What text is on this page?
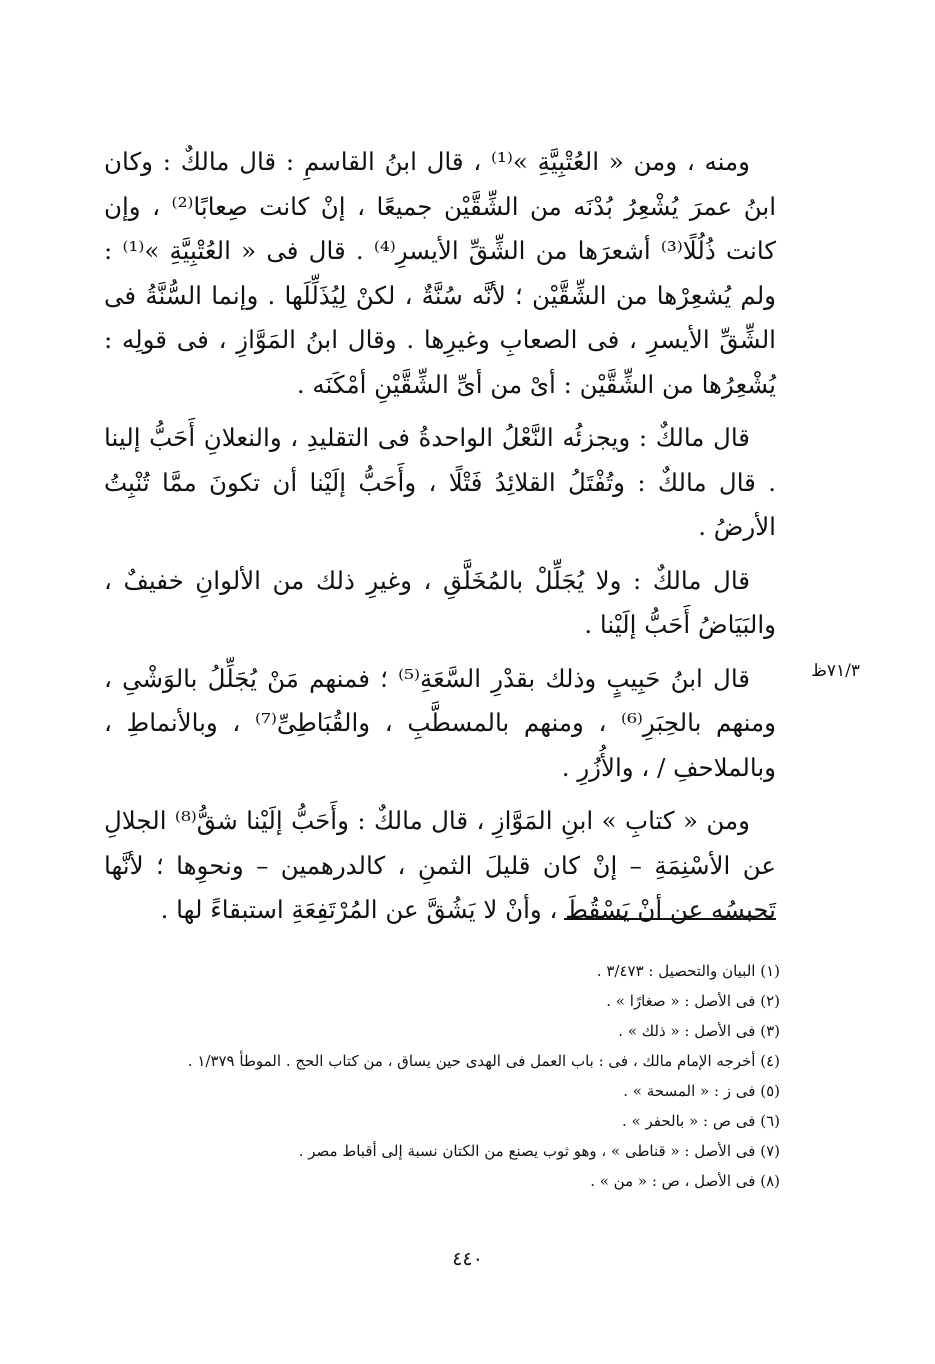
ومنه ، ومن « العُتْبِيَّةِ »⁽¹⁾ ، قال ابنُ القاسمِ : قال مالكٌ : وكان ابنُ عمرَ يُشْعِرُ بُدْنَه من الشِّقَّيْن جميعًا ، إنْ كانت صِعابًا⁽²⁾ ، وإن كانت ذُلُلًا⁽³⁾ أشعرَها من الشِّقِّ الأيسرِ⁽⁴⁾ . قال فى « العُتْبِيَّةِ »⁽¹⁾ : ولم يُشعِرْها من الشِّقَّيْن ؛ لأنَّه سُنَّةٌ ، لكنْ لِيُذَلِّلَها . وإنما السُّنَّةُ فى الشِّقِّ الأيسرِ ، فى الصعابِ وغيرِها . وقال ابنُ المَوَّازِ ، فى قولِه : يُشْعِرُها من الشِّقَّيْن : أىْ من أىِّ الشِّقَّيْنِ أمْكَنَه .

قال مالكٌ : ويجزئُه النَّعْلُ الواحدةُ فى التقليدِ ، والنعلانِ أَحَبُّ إلينا . قال مالكٌ : وتُفْتَلُ القلائِدُ فَتْلًا ، وأَحَبُّ إلَيْنا أن تكونَ ممَّا تُنْبِتُ الأرضُ .

قال مالكٌ : ولا يُجَلِّلْ بالمُخَلَّقِ ، وغيرِ ذلك من الألوانِ خفيفٌ ، والبَيَاضُ أَحَبُّ إلَيْنا .

قال ابنُ حَبِيبٍ وذلك بقدْرِ السَّعَةِ⁽⁵⁾ ؛ فمنهم مَنْ يُجَلِّلُ بالوَشْىِ ، ومنهم بالحِبَرِ⁽⁶⁾ ، ومنهم بالمسطَّبِ ، والقُبَاطِىِّ⁽⁷⁾ ، وبالأنماطِ ، وبالملاحفِ / ، والأُزُرِ .

ومن « كتابِ » ابنِ المَوَّازِ ، قال مالكٌ : وأَحَبُّ إلَيْنا شقُّ⁽⁸⁾ الجلالِ عن الأسْنِمَةِ – إنْ كان قليلَ الثمنِ ، كالدرهمين – ونحوِها ؛ لأنَّها تَحبسُه عن أنْ يَسْقُطَ ، وأنْ لا يَشُقَّ عن المُرْتَفِعَةِ استبقاءً لها .

٧١/٣ظ
(١) البيان والتحصيل : ٣/٤٧٣ .
(٢) فى الأصل : « صغارًا » .
(٣) فى الأصل : « ذلك » .
(٤) أخرجه الإمام مالك ، فى : باب العمل فى الهدى حين يساق ، من كتاب الحج . الموطأ ١/٣٧٩ .
(٥) فى ز : « المسحة » .
(٦) فى ص : « بالحفر » .
(٧) فى الأصل : « قناطى » ، وهو ثوب يصنع من الكتان نسبة إلى أقباط مصر .
(٨) فى الأصل ، ص : « من » .
٤٤٠
